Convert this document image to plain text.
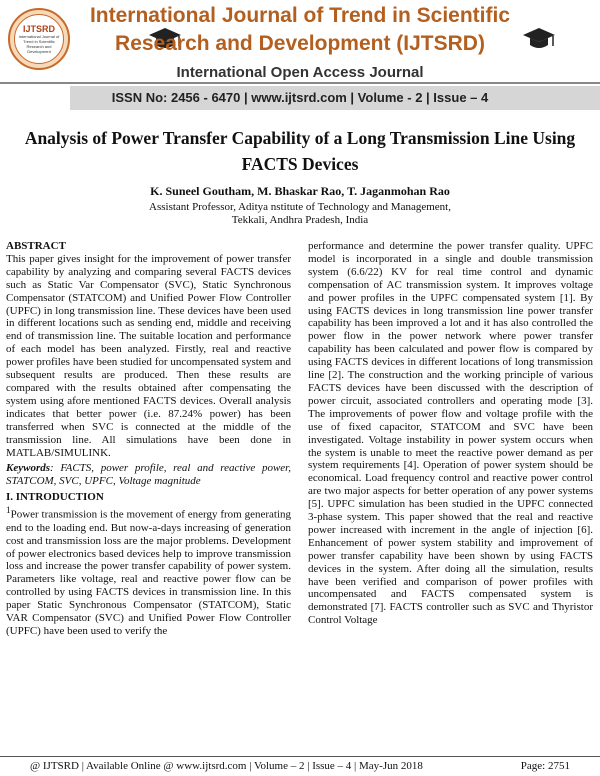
IJTSRD
International Journal of Trend in Scientific Research and Development
International Journal of Trend in Scientific
Research and Development (IJTSRD)
International Open Access Journal
ISSN No: 2456 - 6470 | www.ijtsrd.com | Volume - 2 | Issue – 4
Analysis of Power Transfer Capability of a Long Transmission Line Using FACTS Devices
K. Suneel Goutham, M. Bhaskar Rao, T. Jaganmohan Rao
Assistant Professor, Aditya nstitute of Technology and Management,
Tekkali, Andhra Pradesh, India
ABSTRACT
This paper gives insight for the improvement of power transfer capability by analyzing and comparing several FACTS devices such as Static Var Compensator (SVC), Static Synchronous Compensator (STATCOM) and Unified Power Flow Controller (UPFC) in long transmission line. These devices have been used in different locations such as sending end, middle and receiving end of transmission line. The suitable location and performance of each model has been analyzed. Firstly, real and reactive power profiles have been studied for uncompensated system and subsequent results are produced. Then these results are compared with the results obtained after compensating the system using afore mentioned FACTS devices. Overall analysis indicates that better power (i.e. 87.24% power) has been transferred when SVC is connected at the middle of the transmission line. All simulations have been done in MATLAB/SIMULINK.
Keywords: FACTS, power profile, real and reactive power, STATCOM, SVC, UPFC, Voltage magnitude
I. INTRODUCTION
$^1$Power transmission is the movement of energy from generating end to the loading end. But now-a-days increasing of generation cost and transmission loss are the major problems. Development of power electronics based devices help to improve transmission loss and increase the power transfer capability of power system. Parameters like voltage, real and reactive power flow can be controlled by using FACTS devices in transmission line. In this paper Static Synchronous Compensator (STATCOM), Static VAR Compensator (SVC) and Unified Power Flow Controller (UPFC) have been used to verify the
performance and determine the power transfer quality. UPFC model is incorporated in a single and double transmission system (6.6/22) KV for real time control and dynamic compensation of AC transmission system. It improves voltage and power profiles in the UPFC compensated system [1]. By using FACTS devices in long transmission line power transfer capability has been improved a lot and it has also controlled the power flow in the power network where power transfer capability has been calculated and power flow is compared by using FACTS devices in different locations of long transmission line [2]. The construction and the working principle of various FACTS devices have been discussed with the description of power circuit, associated controllers and operating mode [3]. The improvements of power flow and voltage profile with the use of fixed capacitor, STATCOM and SVC have been investigated. Voltage instability in power system occurs when the system is unable to meet the reactive power demand as per system requirements [4]. Operation of power system should be economical. Load frequency control and reactive power control are two major aspects for better operation of any power systems [5]. UPFC simulation has been studied in the UPFC connected 3-phase system. This paper showed that the real and reactive power increased with increment in the angle of injection [6]. Enhancement of power system stability and improvement of power transfer capability have been shown by using FACTS devices in the system. After doing all the simulation, results have been verified and comparison of power profiles with uncompensated and FACTS compensated system is demonstrated [7]. FACTS controller such as SVC and Thyristor Control Voltage
@ IJTSRD | Available Online @ www.ijtsrd.com | Volume – 2 | Issue – 4 | May-Jun 2018	Page: 2751
